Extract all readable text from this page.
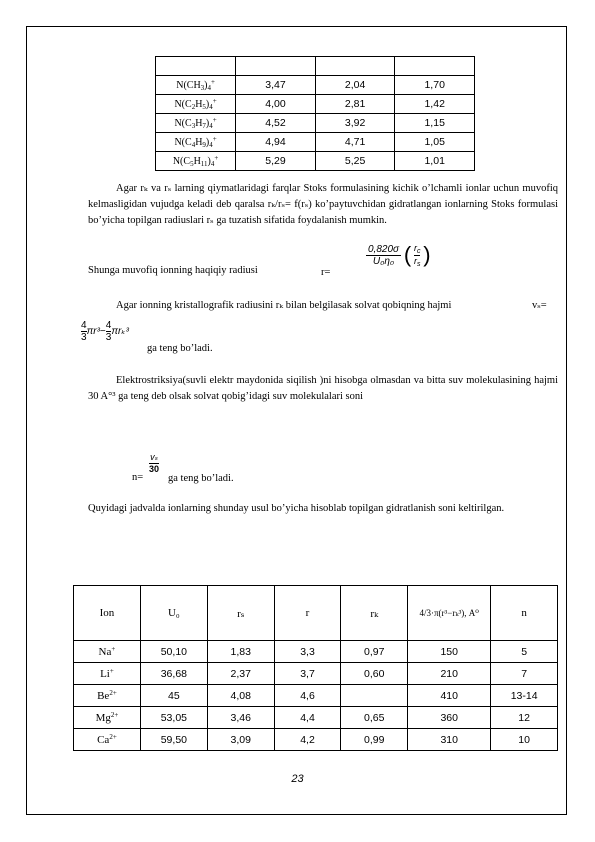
$N(CH_3)_4^+$	3,47	2,04	1,70
$N(C_2H_5)_4^+$	4,00	2,81	1,42
$N(C_3H_7)_4^+$	4,52	3,92	1,15
$N(C_4H_9)_4^+$	4,94	4,71	1,05
$N(C_5H_{11})_4^+$	5,29	5,25	1,01
Agar rₖ va rₛ larning qiymatlaridagi farqlar Stoks formulasining kichik o’lchamli ionlar uchun muvofiq kelmasligidan vujudga keladi deb qaralsa rₖ/rₛ= f(rₛ) ko’paytuvchidan gidratlangan ionlarning Stoks formulasi bo’yicha topilgan radiuslari rₛ ga tuzatish sifatida foydalanish mumkin.
Shunga muvofiq ionning haqiqiy radiusi	r=
$\frac{0,820\sigma}{\text{U₀η₀}}$ ( $\frac{r_c}{r_s}$ )
Agar ionning kristallografik radiusini rₖ bilan belgilasak solvat qobiqning hajmi	vₛ=
$\frac{4}{3} \pi r^3- \frac{4}{3} \pi r_k^3$
ga teng bo’ladi.
Elektrostriksiya(suvli elektr maydonida siqilish )ni hisobga olmasdan va bitta suv molekulasining hajmi 30 A°³ ga teng deb olsak solvat qobig’idagi suv molekulalari soni
n=
$\frac{\text{vₛ}}{30}$
ga teng bo’ladi.
Quyidagi jadvalda ionlarning shunday usul bo’yicha hisoblab topilgan gidratlanish soni keltirilgan.
Ion	U₀	rₛ	r	rₖ	4/3·π(r³−rₖ³), A⁰	n
Na+	50,10	1,83	3,3	0,97	150	5
Li+	36,68	2,37	3,7	0,60	210	7
$Be^{2+}$	45	4,08	4,6		410	13-14
$Mg^{2+}$	53,05	3,46	4,4	0,65	360	12
$Ca^{2+}$	59,50	3,09	4,2	0,99	310	10
23
